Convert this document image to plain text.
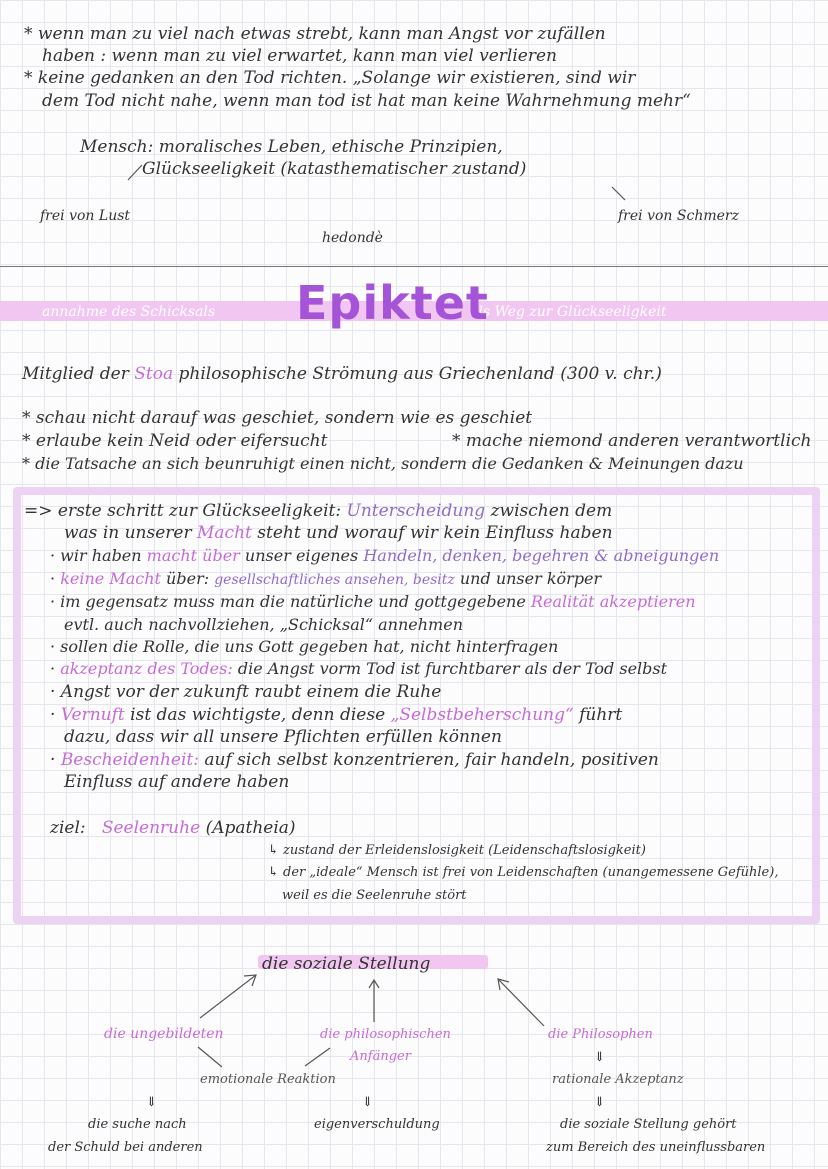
* wenn man zu viel nach etwas strebt, kann man Angst vor zufällen
haben : wenn man zu viel erwartet, kann man viel verlieren
* keine gedanken an den Tod richten. „Solange wir existieren, sind wir
dem Tod nicht nahe, wenn man tod ist hat man keine Wahrnehmung mehr“
Mensch: moralisches Leben, ethische Prinzipien,
Glückseeligkeit (katasthematischer zustand)
frei von Lust	frei von Schmerz
hedondè
annahme des Schicksals	als Weg zur Glückseeligkeit
Epiktet
Mitglied der Stoa philosophische Strömung aus Griechenland (300 v. chr.)
* schau nicht darauf was geschiet, sondern wie es geschiet
* erlaube kein Neid oder eifersucht	* mache niemond anderen verantwortlich
* die Tatsache an sich beunruhigt einen nicht, sondern die Gedanken & Meinungen dazu
=> erste schritt zur Glückseeligkeit: Unterscheidung zwischen dem
was in unserer Macht steht und worauf wir kein Einfluss haben
· wir haben macht über unser eigenes Handeln, denken, begehren & abneigungen
· keine Macht über: gesellschaftliches ansehen, besitz und unser körper
· im gegensatz muss man die natürliche und gottgegebene Realität akzeptieren
evtl. auch nachvollziehen, „Schicksal“ annehmen
· sollen die Rolle, die uns Gott gegeben hat, nicht hinterfragen
· akzeptanz des Todes: die Angst vorm Tod ist furchtbarer als der Tod selbst
· Angst vor der zukunft raubt einem die Ruhe
· Vernuft ist das wichtigste, denn diese „Selbstbeherschung“ führt
dazu, dass wir all unsere Pflichten erfüllen können
· Bescheidenheit: auf sich selbst konzentrieren, fair handeln, positiven
Einfluss auf andere haben
ziel: Seelenruhe (Apatheia)
↳ zustand der Erleidenslosigkeit (Leidenschaftslosigkeit)
↳ der „ideale“ Mensch ist frei von Leidenschaften (unangemessene Gefühle),
weil es die Seelenruhe stört
die soziale Stellung
die ungebildeten	die philosophischen
Anfänger
die Philosophen
⇓
emotionale Reaktion	rationale Akzeptanz
⇓	⇓	⇓
die suche nach
der Schuld bei anderen
eigenverschuldung	die soziale Stellung gehört
zum Bereich des uneinflussbaren
